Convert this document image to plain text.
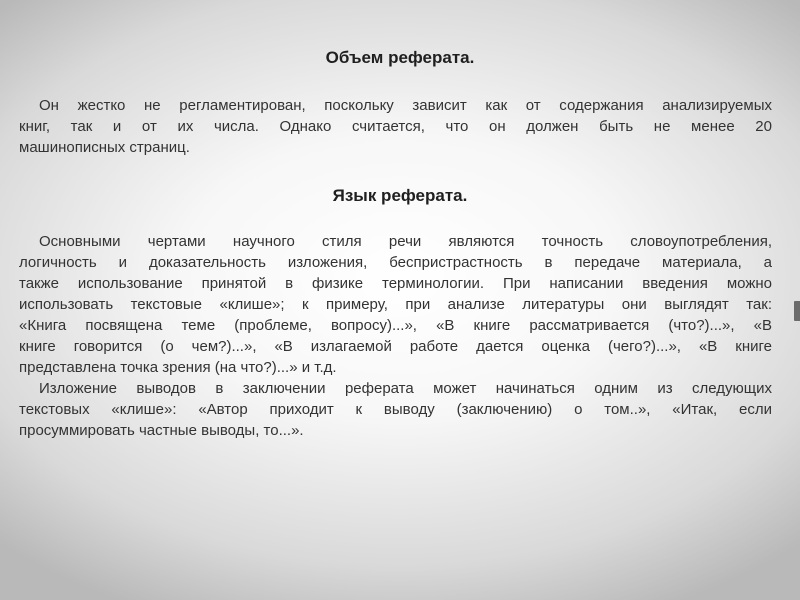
Объем реферата.
Он жестко не регламентирован, поскольку зависит как от содержания анализируемых
книг, так и от их числа. Однако считается, что он должен быть не менее 20
машинописных страниц.
Язык реферата.
Основными чертами научного стиля речи являются точность словоупотребления,
логичность и доказательность изложения, беспристрастность в передаче материала, а
также использование принятой в физике терминологии. При написании введения можно
использовать текстовые «клише»; к примеру, при анализе литературы они выглядят так:
«Книга посвящена теме (проблеме, вопросу)...», «В книге рассматривается (что?)...», «В
книге говорится (о чем?)...», «В излагаемой работе дается оценка (чего?)...», «В книге
представлена точка зрения (на что?)...» и т.д.
Изложение выводов в заключении реферата может начинаться одним из следующих
текстовых «клише»: «Автор приходит к выводу (заключению) о том..», «Итак, если
просуммировать частные выводы, то...».
